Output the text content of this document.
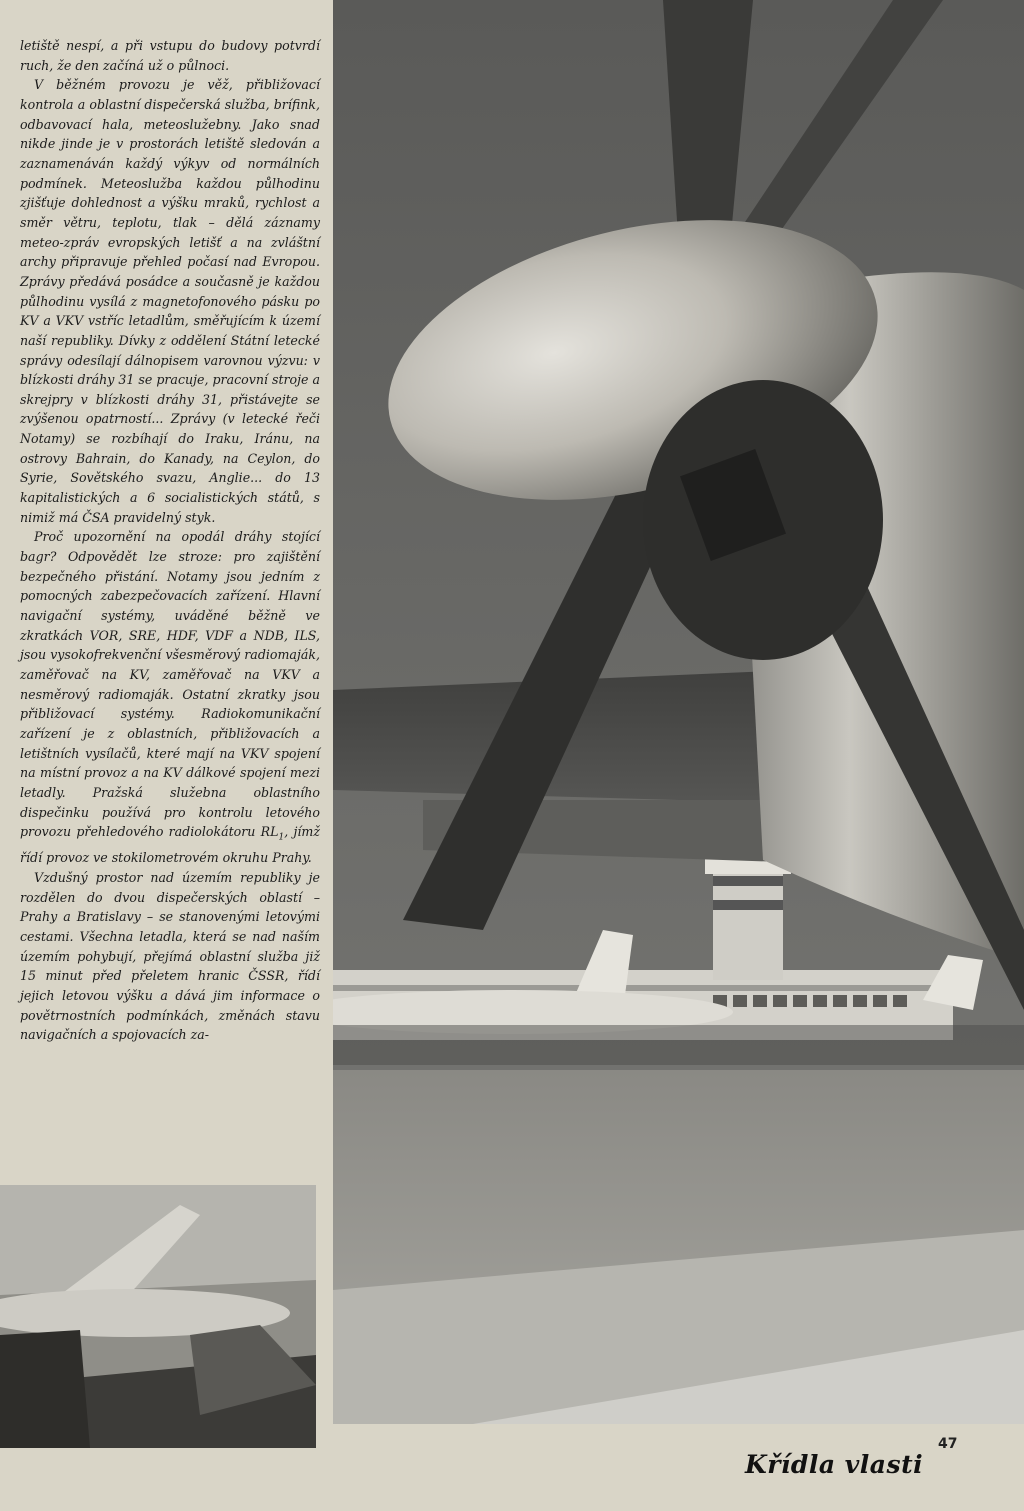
letiště nespí, a při vstupu do budovy potvrdí ruch, že den začíná už o půlnoci.

V běžném provozu je věž, přibližovací kontrola a oblastní dispečerská služba, brífink, odbavovací hala, meteoslužebny. Jako snad nikde jinde je v prostorách letiště sledován a zaznamenáván každý výkyv od normálních podmínek. Meteoslužba každou půlhodinu zjišťuje dohlednost a výšku mraků, rychlost a směr větru, teplotu, tlak – dělá záznamy meteo-zpráv evropských letišť a na zvláštní archy připravuje přehled počasí nad Evropou. Zprávy předává posádce a současně je každou půlhodinu vysílá z magnetofonového pásku po KV a VKV vstříc letadlům, směřujícím k území naší republiky. Dívky z oddělení Státní letecké správy odesílají dálnopisem varovnou výzvu: v blízkosti dráhy 31 se pracuje, pracovní stroje a skrejpry v blízkosti dráhy 31, přistávejte se zvýšenou opatrností... Zprávy (v letecké řeči Notamy) se rozbíhají do Iraku, Iránu, na ostrovy Bahrain, do Kanady, na Ceylon, do Syrie, Sovětského svazu, Anglie... do 13 kapitalistických a 6 socialistických států, s nimiž má ČSA pravidelný styk.

Proč upozornění na opodál dráhy stojící bagr? Odpovědět lze stroze: pro zajištění bezpečného přistání. Notamy jsou jedním z pomocných zabezpečovacích zařízení. Hlavní navigační systémy, uváděné běžně ve zkratkách VOR, SRE, HDF, VDF a NDB, ILS, jsou vysokofrekvenční všesměrový radiomaják, zaměřovač na KV, zaměřovač na VKV a nesměrový radiomaják. Ostatní zkratky jsou přibližovací systémy. Radiokomunikační zařízení je z oblastních, přibližovacích a letištních vysílačů, které mají na VKV spojení na místní provoz a na KV dálkové spojení mezi letadly. Pražská služebna oblastního dispečinku používá pro kontrolu letového provozu přehledového radiolokátoru $RL_1$, jímž řídí provoz ve stokilometrovém okruhu Prahy.

Vzdušný prostor nad územím republiky je rozdělen do dvou dispečerských oblastí – Prahy a Bratislavy – se stanovenými letovými cestami. Všechna letadla, která se nad naším územím pohybují, přejímá oblastní služba již 15 minut před přeletem hranic ČSSR, řídí jejich letovou výšku a dává jim informace o povětrnostních podmínkách, změnách stavu navigačních a spojovacích za-

47
Křídla vlasti
